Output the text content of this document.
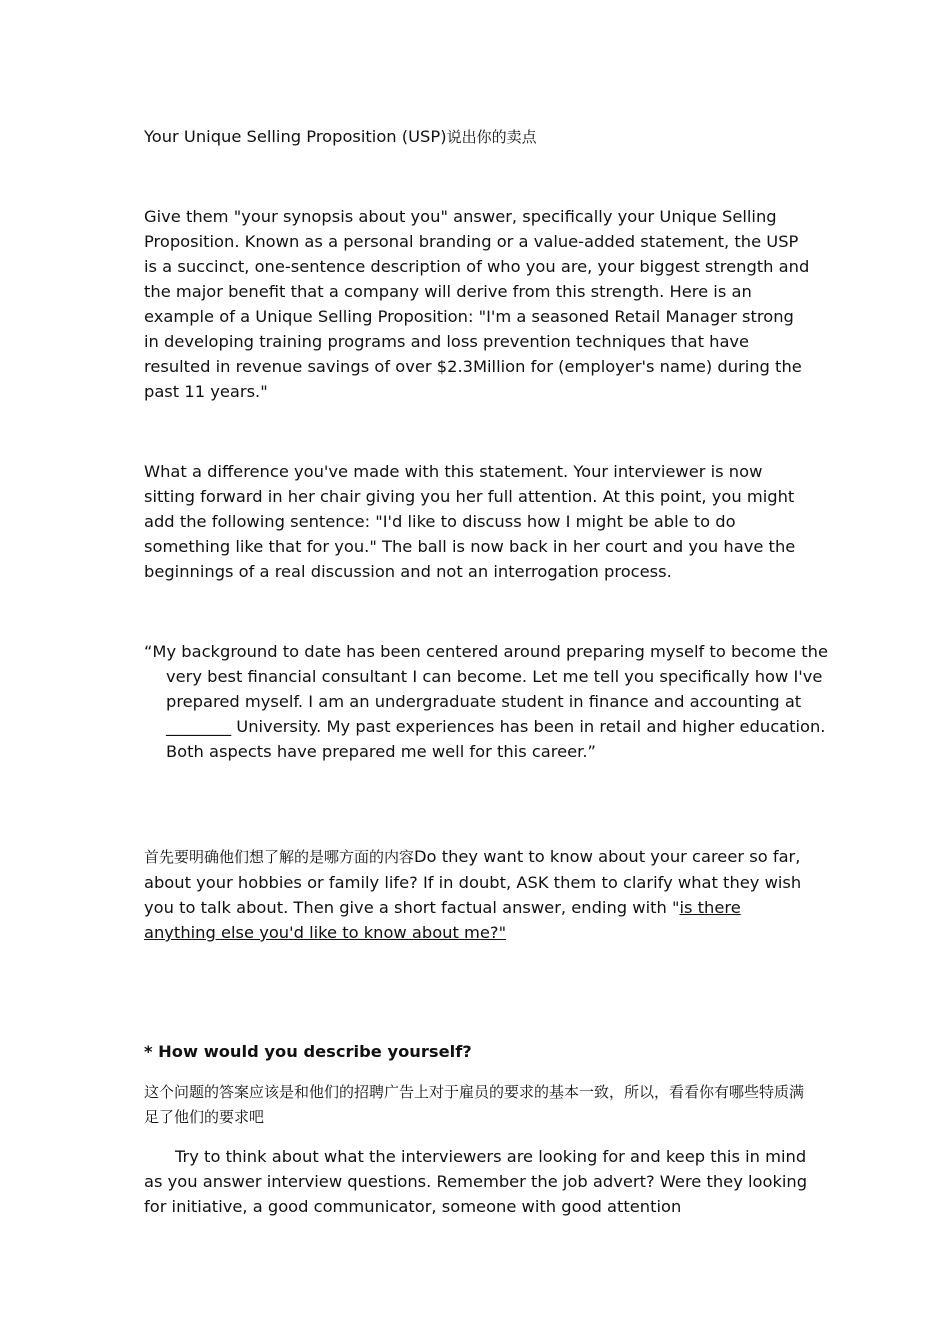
Your Unique Selling Proposition (USP)说出你的卖点

Give them "your synopsis about you" answer, specifically your Unique Selling Proposition. Known as a personal branding or a value-added statement, the USP is a succinct, one-sentence description of who you are, your biggest strength and the major benefit that a company will derive from this strength. Here is an example of a Unique Selling Proposition: "I'm a seasoned Retail Manager strong in developing training programs and loss prevention techniques that have resulted in revenue savings of over $2.3Million for (employer's name) during the past 11 years."

What a difference you've made with this statement. Your interviewer is now sitting forward in her chair giving you her full attention. At this point, you might add the following sentence: "I'd like to discuss how I might be able to do something like that for you." The ball is now back in her court and you have the beginnings of a real discussion and not an interrogation process.

“My background to date has been centered around preparing myself to become the very best financial consultant I can become. Let me tell you specifically how I've prepared myself. I am an undergraduate student in finance and accounting at ________ University. My past experiences has been in retail and higher education. Both aspects have prepared me well for this career.”

首先要明确他们想了解的是哪方面的内容Do they want to know about your career so far, about your hobbies or family life? If in doubt, ASK them to clarify what they wish you to talk about. Then give a short factual answer, ending with "is there anything else you'd like to know about me?"

* How would you describe yourself?

这个问题的答案应该是和他们的招聘广告上对于雇员的要求的基本一致，所以，看看你有哪些特质满足了他们的要求吧

Try to think about what the interviewers are looking for and keep this in mind as you answer interview questions. Remember the job advert? Were they looking for initiative, a good communicator, someone with good attention
